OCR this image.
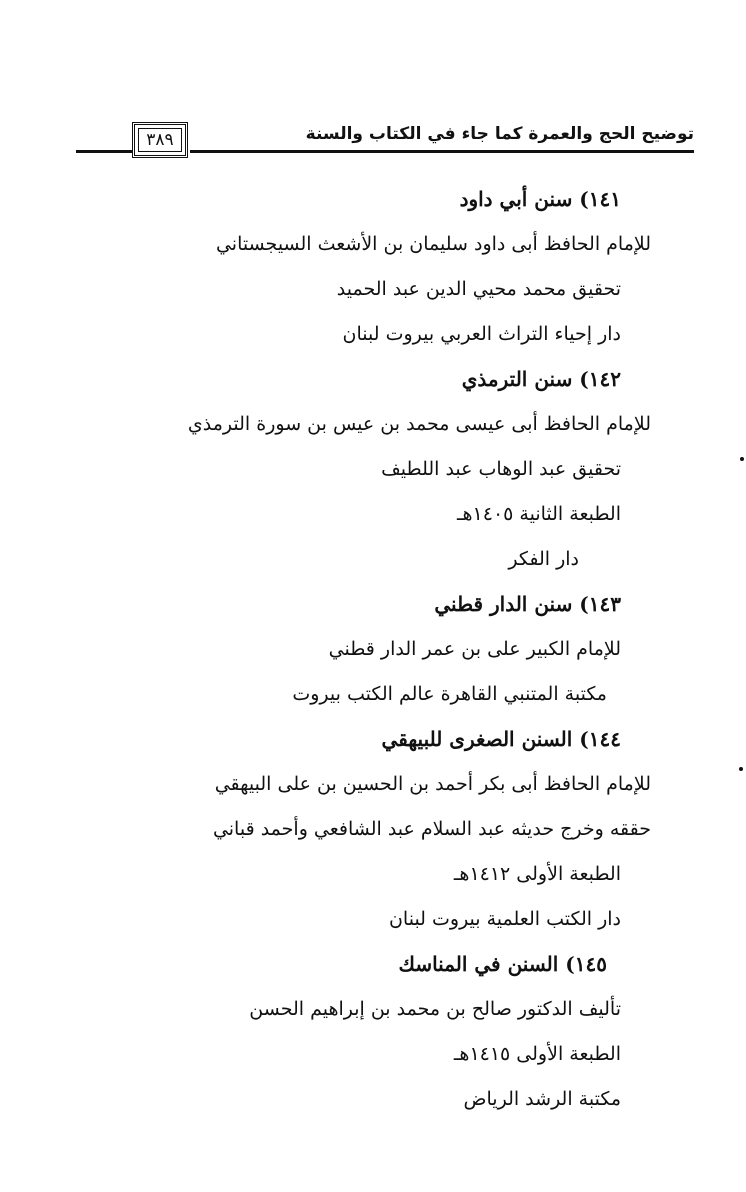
توضيح الحج والعمرة كما جاء في الكتاب والسنة
٣٨٩
١٤١) سنن أبي داود
للإمام الحافظ أبى داود سليمان بن الأشعث السيجستاني
تحقيق محمد محيي الدين عبد الحميد
دار إحياء التراث العربي بيروت لبنان
١٤٢) سنن الترمذي
للإمام الحافظ أبى عيسى محمد بن عيس بن سورة الترمذي
تحقيق عبد الوهاب عبد اللطيف
الطبعة الثانية ١٤٠٥هـ
دار الفكر
١٤٣) سنن الدار قطني
للإمام الكبير على بن عمر الدار قطني
مكتبة المتنبي القاهرة عالم الكتب بيروت
١٤٤) السنن الصغرى للبيهقي
للإمام الحافظ أبى بكر أحمد بن الحسين بن على البيهقي
حققه وخرج حديثه عبد السلام عبد الشافعي وأحمد قباني
الطبعة الأولى ١٤١٢هـ
دار الكتب العلمية بيروت لبنان
١٤٥) السنن في المناسك
تأليف الدكتور صالح بن محمد بن إبراهيم الحسن
الطبعة الأولى ١٤١٥هـ
مكتبة الرشد الرياض
